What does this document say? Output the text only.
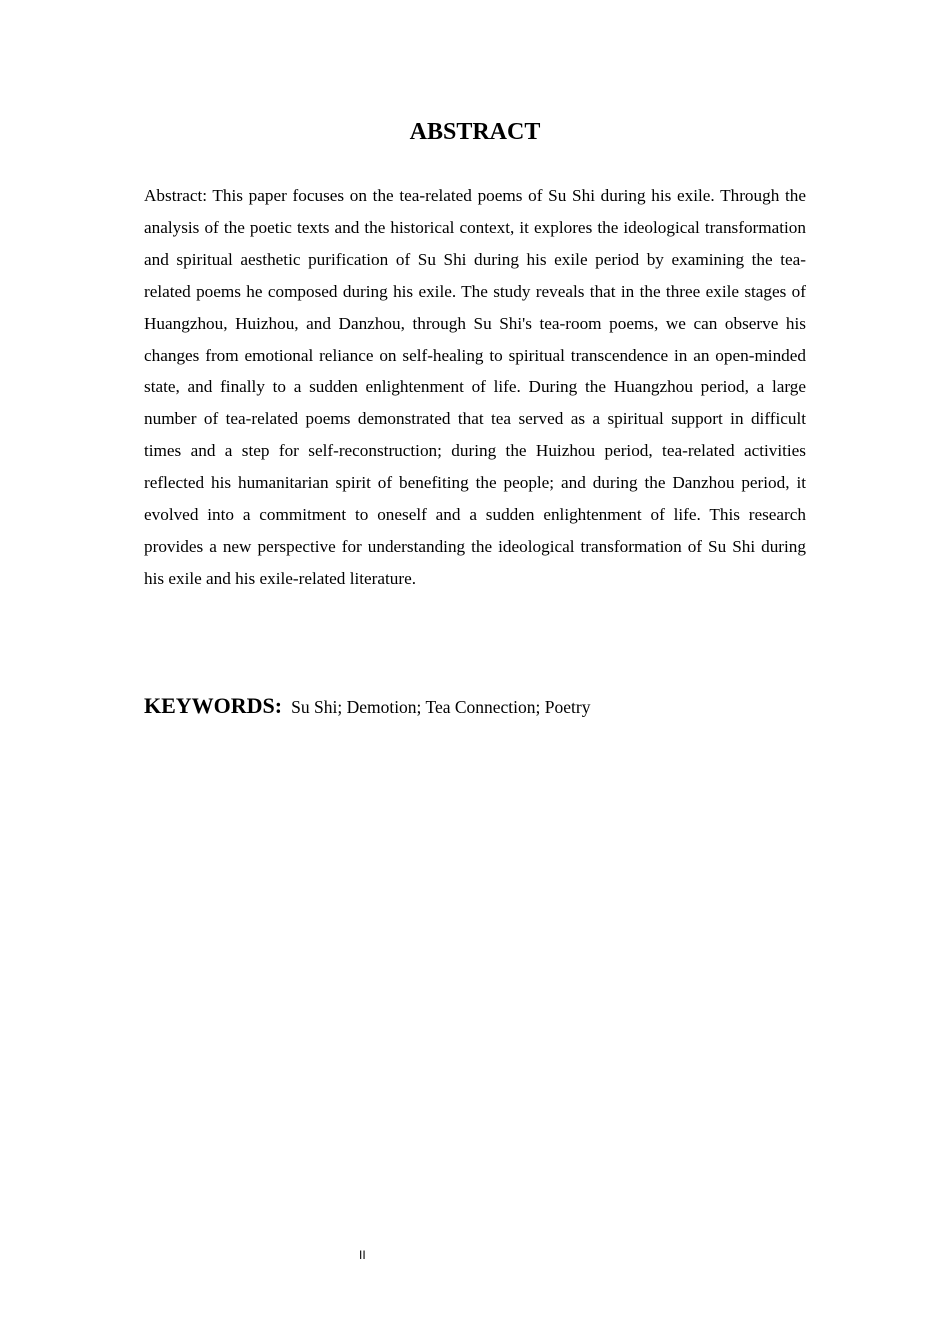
ABSTRACT

Abstract: This paper focuses on the tea-related poems of Su Shi during his exile. Through the analysis of the poetic texts and the historical context, it explores the ideological transformation and spiritual aesthetic purification of Su Shi during his exile period by examining the tea-related poems he composed during his exile. The study reveals that in the three exile stages of Huangzhou, Huizhou, and Danzhou, through Su Shi's tea-room poems, we can observe his changes from emotional reliance on self-healing to spiritual transcendence in an open-minded state, and finally to a sudden enlightenment of life. During the Huangzhou period, a large number of tea-related poems demonstrated that tea served as a spiritual support in difficult times and a step for self-reconstruction; during the Huizhou period, tea-related activities reflected his humanitarian spirit of benefiting the people; and during the Danzhou period, it evolved into a commitment to oneself and a sudden enlightenment of life. This research provides a new perspective for understanding the ideological transformation of Su Shi during his exile and his exile-related literature.

KEYWORDS: Su Shi; Demotion; Tea Connection; Poetry

II
